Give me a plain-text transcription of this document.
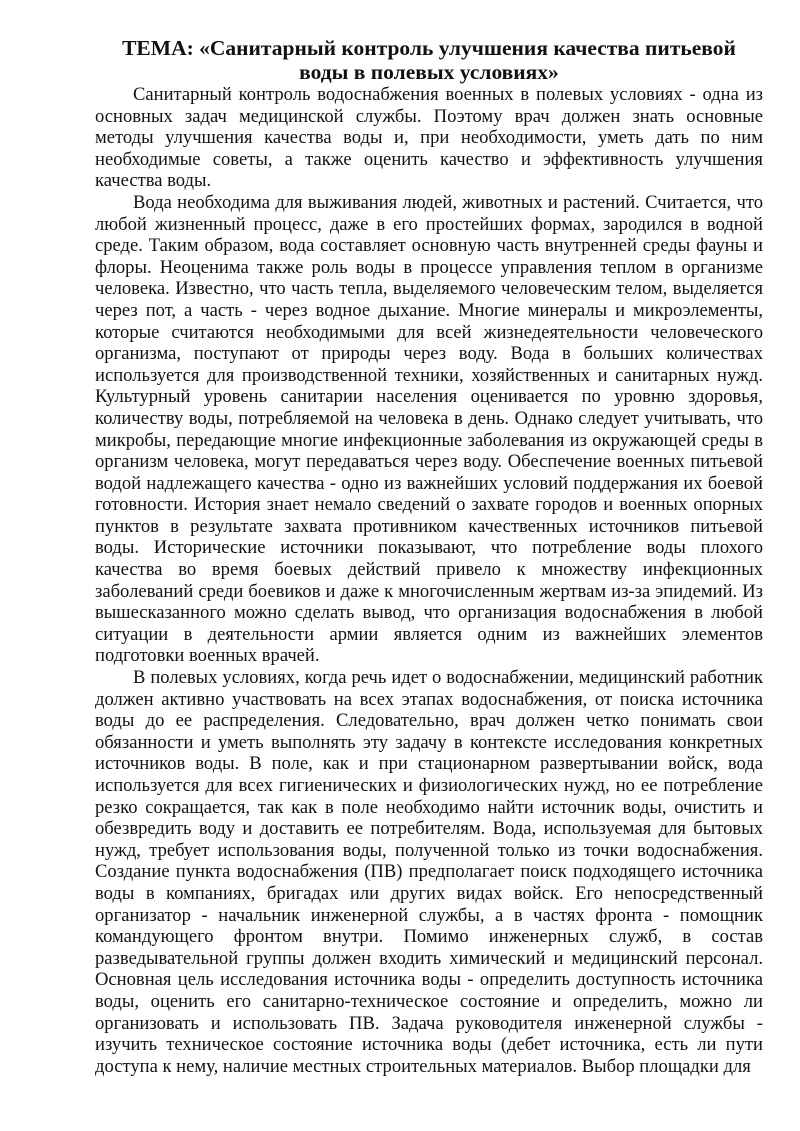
ТЕМА: «Санитарный контроль улучшения качества питьевой воды в полевых условиях»

Санитарный контроль водоснабжения военных в полевых условиях - одна из основных задач медицинской службы. Поэтому врач должен знать основные методы улучшения качества воды и, при необходимости, уметь дать по ним необходимые советы, а также оценить качество и эффективность улучшения качества воды.

Вода необходима для выживания людей, животных и растений. Считается, что любой жизненный процесс, даже в его простейших формах, зародился в водной среде. Таким образом, вода составляет основную часть внутренней среды фауны и флоры. Неоценима также роль воды в процессе управления теплом в организме человека. Известно, что часть тепла, выделяемого человеческим телом, выделяется через пот, а часть - через водное дыхание. Многие минералы и микроэлементы, которые считаются необходимыми для всей жизнедеятельности человеческого организма, поступают от природы через воду. Вода в больших количествах используется для производственной техники, хозяйственных и санитарных нужд. Культурный уровень санитарии населения оценивается по уровню здоровья, количеству воды, потребляемой на человека в день. Однако следует учитывать, что микробы, передающие многие инфекционные заболевания из окружающей среды в организм человека, могут передаваться через воду. Обеспечение военных питьевой водой надлежащего качества - одно из важнейших условий поддержания их боевой готовности. История знает немало сведений о захвате городов и военных опорных пунктов в результате захвата противником качественных источников питьевой воды. Исторические источники показывают, что потребление воды плохого качества во время боевых действий привело к множеству инфекционных заболеваний среди боевиков и даже к многочисленным жертвам из-за эпидемий. Из вышесказанного можно сделать вывод, что организация водоснабжения в любой ситуации в деятельности армии является одним из важнейших элементов подготовки военных врачей.

В полевых условиях, когда речь идет о водоснабжении, медицинский работник должен активно участвовать на всех этапах водоснабжения, от поиска источника воды до ее распределения. Следовательно, врач должен четко понимать свои обязанности и уметь выполнять эту задачу в контексте исследования конкретных источников воды. В поле, как и при стационарном развертывании войск, вода используется для всех гигиенических и физиологических нужд, но ее потребление резко сокращается, так как в поле необходимо найти источник воды, очистить и обезвредить воду и доставить ее потребителям. Вода, используемая для бытовых нужд, требует использования воды, полученной только из точки водоснабжения. Создание пункта водоснабжения (ПВ) предполагает поиск подходящего источника воды в компаниях, бригадах или других видах войск. Его непосредственный организатор - начальник инженерной службы, а в частях фронта - помощник командующего фронтом внутри. Помимо инженерных служб, в состав разведывательной группы должен входить химический и медицинский персонал. Основная цель исследования источника воды - определить доступность источника воды, оценить его санитарно-техническое состояние и определить, можно ли организовать и использовать ПВ. Задача руководителя инженерной службы - изучить техническое состояние источника воды (дебет источника, есть ли пути доступа к нему, наличие местных строительных материалов. Выбор площадки для
